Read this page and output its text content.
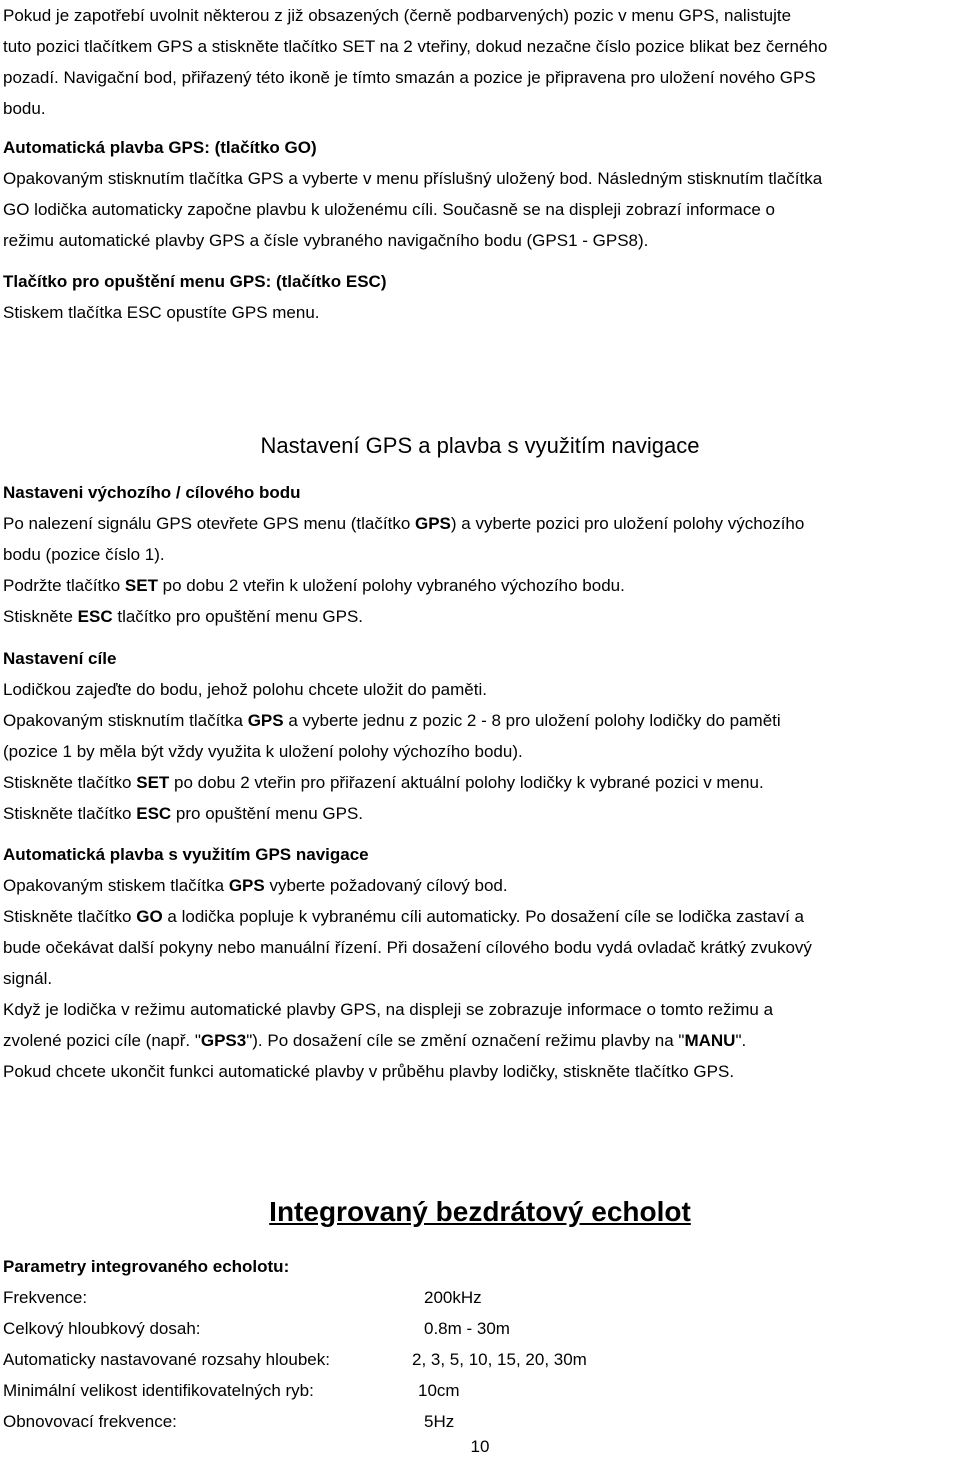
Pokud je zapotřebí uvolnit některou z již obsazených (černě podbarvených) pozic v menu GPS, nalistujte

tuto pozici tlačítkem GPS a stiskněte tlačítko SET na 2 vteřiny, dokud nezačne číslo pozice blikat bez černého

pozadí. Navigační bod, přiřazený této ikoně je tímto smazán a pozice je připravena pro uložení nového GPS

bodu.

Automatická plavba GPS: (tlačítko GO)

Opakovaným stisknutím tlačítka GPS a vyberte v menu příslušný uložený bod. Následným stisknutím tlačítka

GO lodička automaticky započne plavbu k uloženému cíli. Současně se na displeji zobrazí informace o

režimu automatické plavby GPS a čísle vybraného navigačního bodu (GPS1 - GPS8).

Tlačítko pro opuštění menu GPS: (tlačítko ESC)

Stiskem tlačítka ESC opustíte GPS menu.

Nastavení GPS a plavba s využitím navigace

Nastaveni výchozího / cílového bodu

Po nalezení signálu GPS otevřete GPS menu (tlačítko GPS) a vyberte pozici pro uložení polohy výchozího

bodu (pozice číslo 1).

Podržte tlačítko SET po dobu 2 vteřin k uložení polohy vybraného výchozího bodu.

Stiskněte ESC tlačítko pro opuštění menu GPS.

Nastavení cíle

Lodičkou zajeďte do bodu, jehož polohu chcete uložit do paměti.

Opakovaným stisknutím tlačítka GPS a vyberte jednu z pozic 2 - 8 pro uložení polohy lodičky do paměti

(pozice 1 by měla být vždy využita k uložení polohy výchozího bodu).

Stiskněte tlačítko SET po dobu 2 vteřin pro přiřazení aktuální polohy lodičky k vybrané pozici v menu.

Stiskněte tlačítko ESC pro opuštění menu GPS.

Automatická plavba s využitím GPS navigace

Opakovaným stiskem tlačítka GPS vyberte požadovaný cílový bod.

Stiskněte tlačítko GO a lodička popluje k vybranému cíli automaticky. Po dosažení cíle se lodička zastaví a

bude očekávat další pokyny nebo manuální řízení. Při dosažení cílového bodu vydá ovladač krátký zvukový

signál.

Když je lodička v režimu automatické plavby GPS, na displeji se zobrazuje informace o tomto režimu a

zvolené pozici cíle (např. "GPS3"). Po dosažení cíle se změní označení režimu plavby na "MANU".

Pokud chcete ukončit funkci automatické plavby v průběhu plavby lodičky, stiskněte tlačítko GPS.

Integrovaný bezdrátový echolot

Parametry integrovaného echolotu:

Frekvence:	200kHz
Celkový hloubkový dosah:	0.8m - 30m
Automaticky nastavované rozsahy hloubek:	2, 3, 5, 10, 15, 20, 30m
Minimální velikost identifikovatelných ryb:	10cm
Obnovovací frekvence:	5Hz
10
